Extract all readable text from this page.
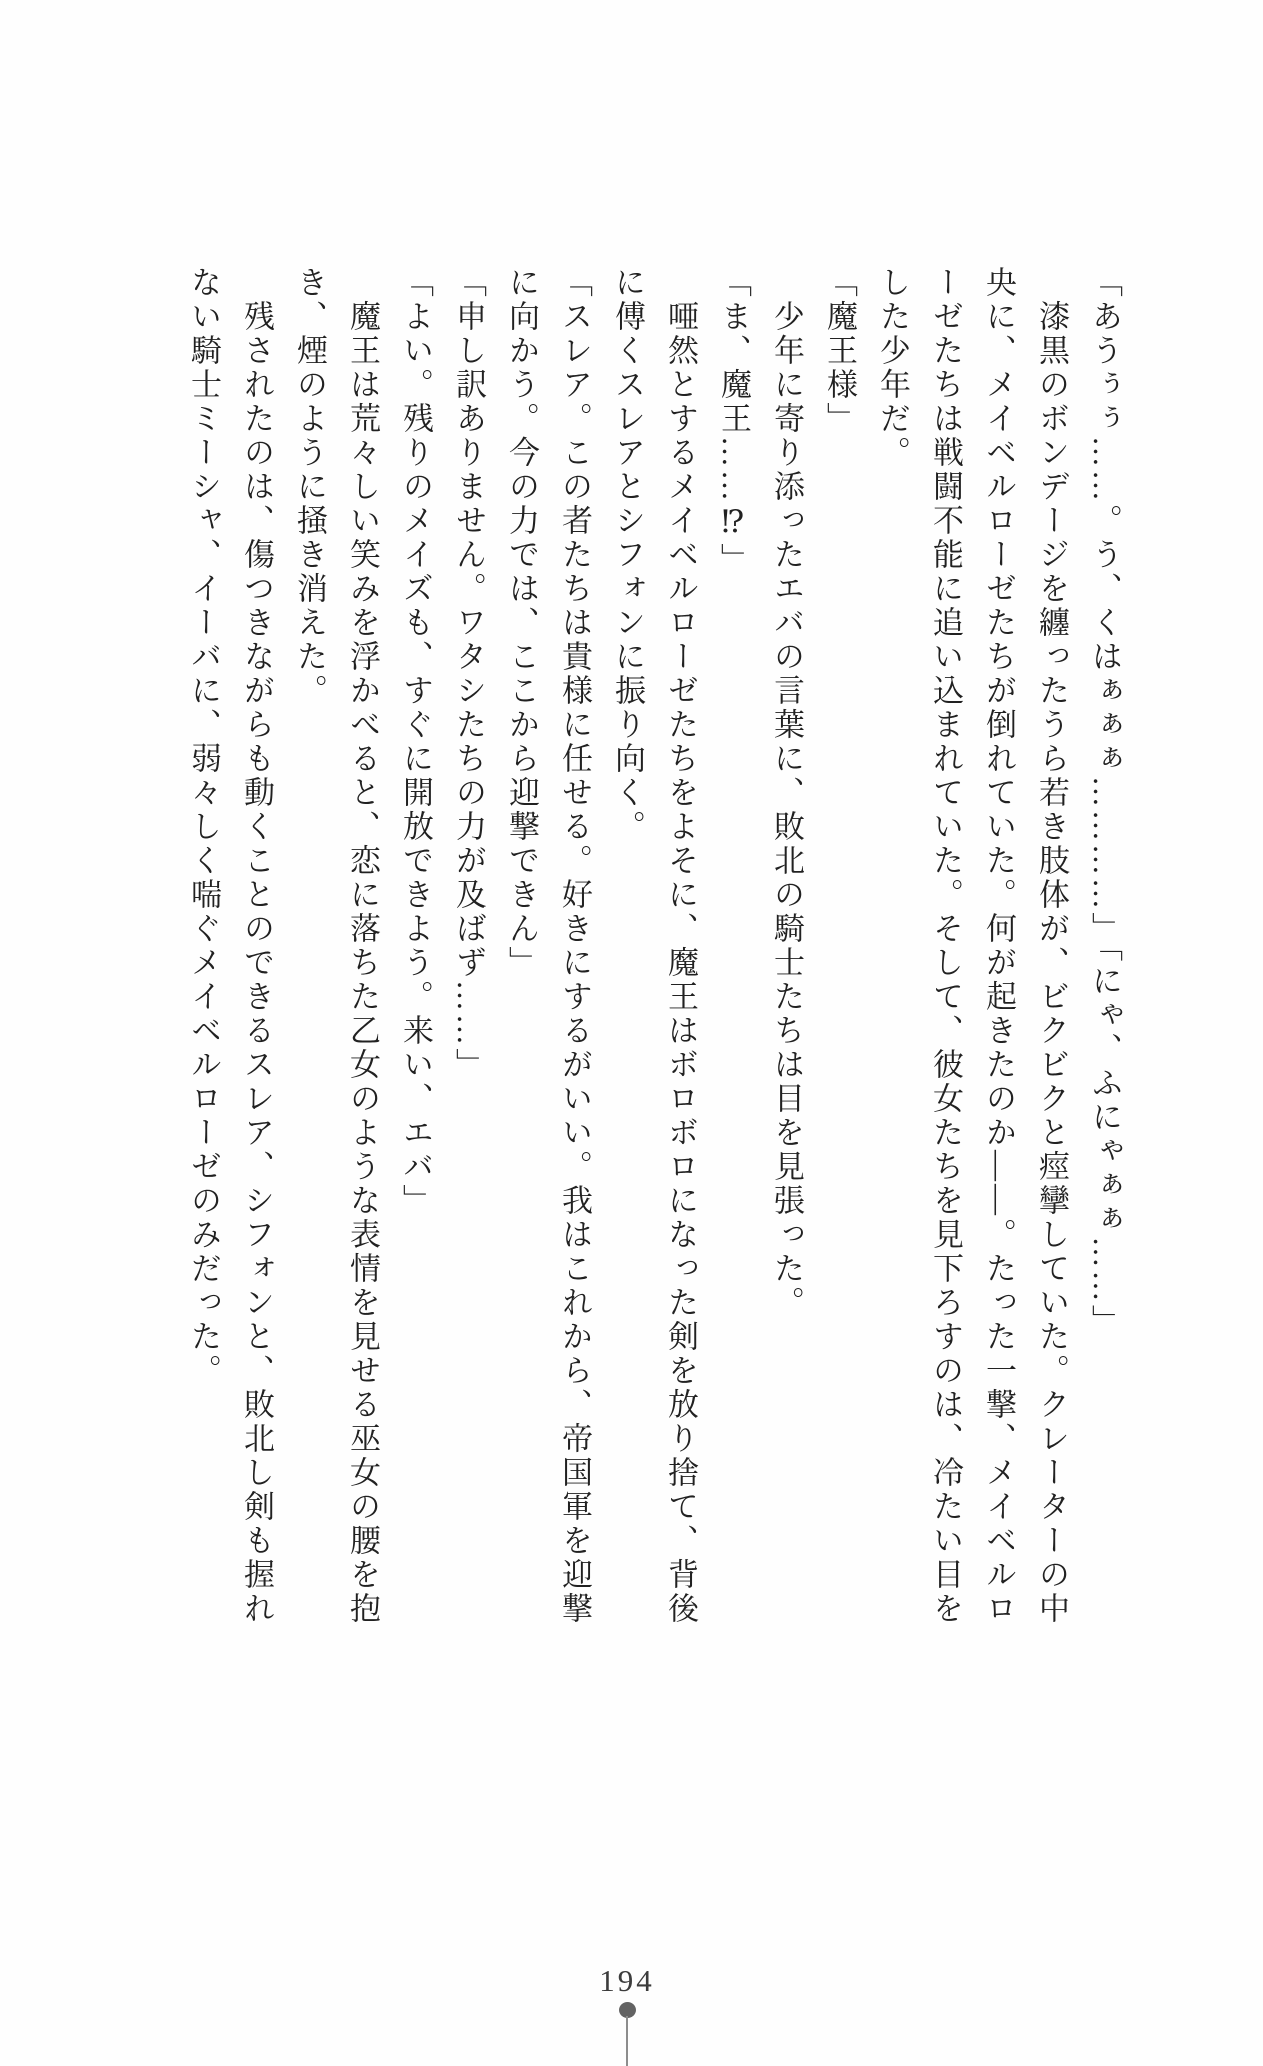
「あうぅぅ……。う、くはぁぁぁ…………」「にゃ、ふにゃぁぁ……」
漆黒のボンデージを纏ったうら若き肢体が、ビクビクと痙攣していた。クレーターの中
央に、メイベルローゼたちが倒れていた。何が起きたのか――。たった一撃、メイベルロ
ーゼたちは戦闘不能に追い込まれていた。そして、彼女たちを見下ろすのは、冷たい目を
した少年だ。
「魔王様」
少年に寄り添ったエバの言葉に、敗北の騎士たちは目を見張った。
「ま、魔王……⁉」
唖然とするメイベルローゼたちをよそに、魔王はボロボロになった剣を放り捨て、背後
に傅くスレアとシフォンに振り向く。
「スレア。この者たちは貴様に任せる。好きにするがいい。我はこれから、帝国軍を迎撃
に向かう。今の力では、ここから迎撃できん」
「申し訳ありません。ワタシたちの力が及ばず……」
「よい。残りのメイズも、すぐに開放できよう。来い、エバ」
魔王は荒々しい笑みを浮かべると、恋に落ちた乙女のような表情を見せる巫女の腰を抱
き、煙のように掻き消えた。
残されたのは、傷つきながらも動くことのできるスレア、シフォンと、敗北し剣も握れ
ない騎士ミーシャ、イーバに、弱々しく喘ぐメイベルローゼのみだった。
194
